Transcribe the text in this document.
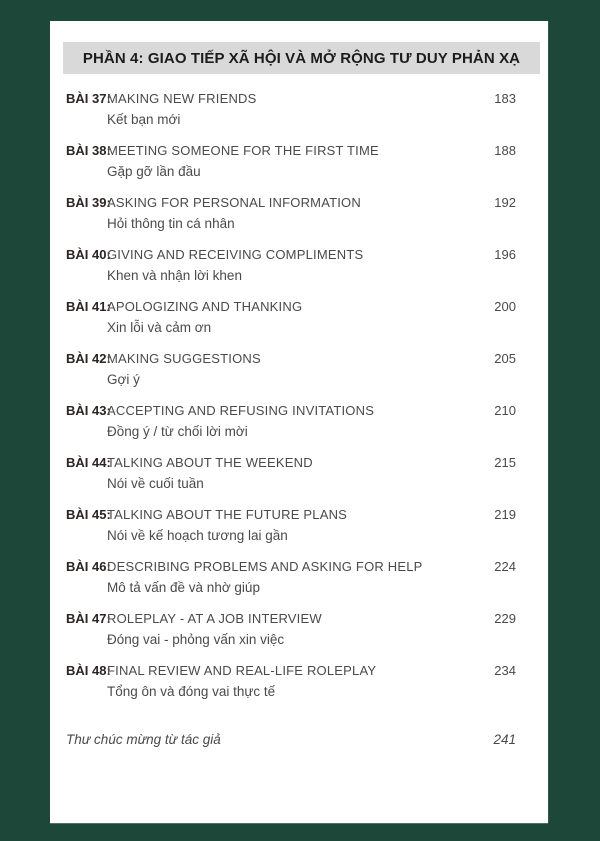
PHẦN 4: GIAO TIẾP XÃ HỘI VÀ MỞ RỘNG TƯ DUY PHẢN XẠ
BÀI 37:
MAKING NEW FRIENDS	183
Kết bạn mới
BÀI 38:
MEETING SOMEONE FOR THE FIRST TIME	188
Gặp gỡ lần đầu
BÀI 39:
ASKING FOR PERSONAL INFORMATION	192
Hỏi thông tin cá nhân
BÀI 40:
GIVING AND RECEIVING COMPLIMENTS	196
Khen và nhận lời khen
BÀI 41:
APOLOGIZING AND THANKING	200
Xin lỗi và cảm ơn
BÀI 42:
MAKING SUGGESTIONS	205
Gợi ý
BÀI 43:
ACCEPTING AND REFUSING INVITATIONS	210
Đồng ý / từ chối lời mời
BÀI 44:
TALKING ABOUT THE WEEKEND	215
Nói về cuối tuần
BÀI 45:
TALKING ABOUT THE FUTURE PLANS	219
Nói về kế hoạch tương lai gần
BÀI 46:
DESCRIBING PROBLEMS AND ASKING FOR HELP	224
Mô tả vấn đề và nhờ giúp
BÀI 47:
ROLEPLAY - AT A JOB INTERVIEW	229
Đóng vai - phỏng vấn xin việc
BÀI 48:
FINAL REVIEW AND REAL-LIFE ROLEPLAY	234
Tổng ôn và đóng vai thực tế
Thư chúc mừng từ tác giả	241
